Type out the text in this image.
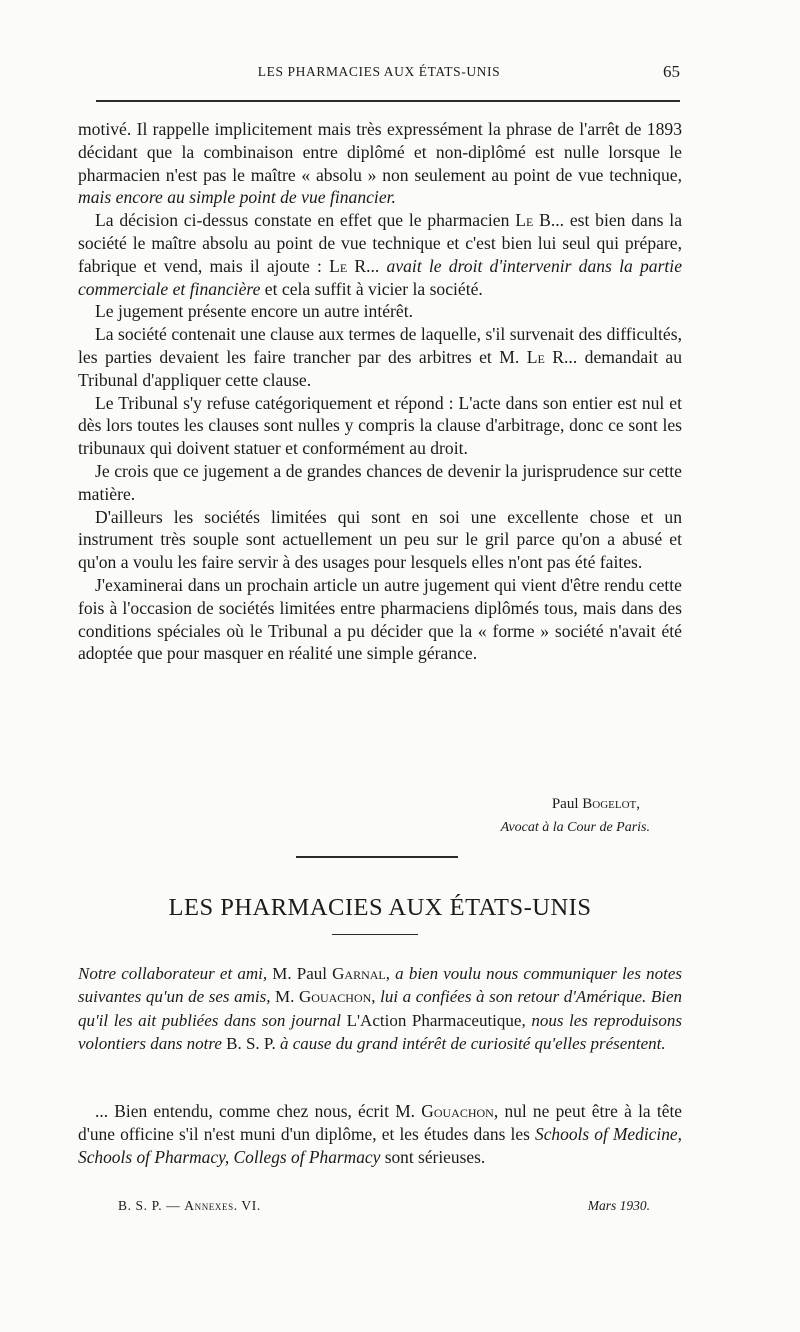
LES PHARMACIES AUX ÉTATS-UNIS	65

motivé. Il rappelle implicitement mais très expressément la phrase de l'arrêt de 1893 décidant que la combinaison entre diplômé et non-diplômé est nulle lorsque le pharmacien n'est pas le maître « absolu » non seulement au point de vue technique, mais encore au simple point de vue financier.

La décision ci-dessus constate en effet que le pharmacien Le B... est bien dans la société le maître absolu au point de vue technique et c'est bien lui seul qui prépare, fabrique et vend, mais il ajoute : Le R... avait le droit d'intervenir dans la partie commerciale et financière et cela suffit à vicier la société.

Le jugement présente encore un autre intérêt.

La société contenait une clause aux termes de laquelle, s'il survenait des difficultés, les parties devaient les faire trancher par des arbitres et M. Le R... demandait au Tribunal d'appliquer cette clause.

Le Tribunal s'y refuse catégoriquement et répond : L'acte dans son entier est nul et dès lors toutes les clauses sont nulles y compris la clause d'arbitrage, donc ce sont les tribunaux qui doivent statuer et conformément au droit.

Je crois que ce jugement a de grandes chances de devenir la jurisprudence sur cette matière.

D'ailleurs les sociétés limitées qui sont en soi une excellente chose et un instrument très souple sont actuellement un peu sur le gril parce qu'on a abusé et qu'on a voulu les faire servir à des usages pour lesquels elles n'ont pas été faites.

J'examinerai dans un prochain article un autre jugement qui vient d'être rendu cette fois à l'occasion de sociétés limitées entre pharmaciens diplômés tous, mais dans des conditions spéciales où le Tribunal a pu décider que la « forme » société n'avait été adoptée que pour masquer en réalité une simple gérance.

Paul Bogelot,
Avocat à la Cour de Paris.
LES PHARMACIES AUX ÉTATS-UNIS
Notre collaborateur et ami, M. Paul Garnal, a bien voulu nous communiquer les notes suivantes qu'un de ses amis, M. Gouachon, lui a confiées à son retour d'Amérique. Bien qu'il les ait publiées dans son journal L'Action Pharmaceutique, nous les reproduisons volontiers dans notre B. S. P. à cause du grand intérêt de curiosité qu'elles présentent.

... Bien entendu, comme chez nous, écrit M. Gouachon, nul ne peut être à la tête d'une officine s'il n'est muni d'un diplôme, et les études dans les Schools of Medicine, Schools of Pharmacy, Collegs of Pharmacy sont sérieuses.

B. S. P. — Annexes. VI.	Mars 1930.
